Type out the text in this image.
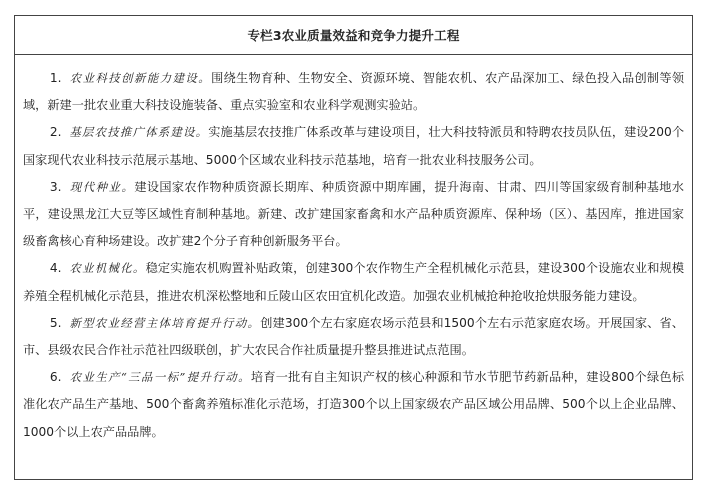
专栏3农业质量效益和竞争力提升工程

1. 农业科技创新能力建设。围绕生物育种、生物安全、资源环境、智能农机、农产品深加工、绿色投入品创制等领域，新建一批农业重大科技设施装备、重点实验室和农业科学观测实验站。

2. 基层农技推广体系建设。实施基层农技推广体系改革与建设项目，壮大科技特派员和特聘农技员队伍，建设200个国家现代农业科技示范展示基地、5000个区域农业科技示范基地，培育一批农业科技服务公司。

3. 现代种业。建设国家农作物种质资源长期库、种质资源中期库圃，提升海南、甘肃、四川等国家级育制种基地水平，建设黑龙江大豆等区域性育制种基地。新建、改扩建国家畜禽和水产品种质资源库、保种场（区）、基因库，推进国家级畜禽核心育种场建设。改扩建2个分子育种创新服务平台。

4. 农业机械化。稳定实施农机购置补贴政策，创建300个农作物生产全程机械化示范县，建设300个设施农业和规模养殖全程机械化示范县，推进农机深松整地和丘陵山区农田宜机化改造。加强农业机械抢种抢收抢烘服务能力建设。

5. 新型农业经营主体培育提升行动。创建300个左右家庭农场示范县和1500个左右示范家庭农场。开展国家、省、市、县级农民合作社示范社四级联创，扩大农民合作社质量提升整县推进试点范围。

6. 农业生产“三品一标”提升行动。培育一批有自主知识产权的核心种源和节水节肥节药新品种，建设800个绿色标准化农产品生产基地、500个畜禽养殖标准化示范场，打造300个以上国家级农产品区域公用品牌、500个以上企业品牌、1000个以上农产品品牌。
